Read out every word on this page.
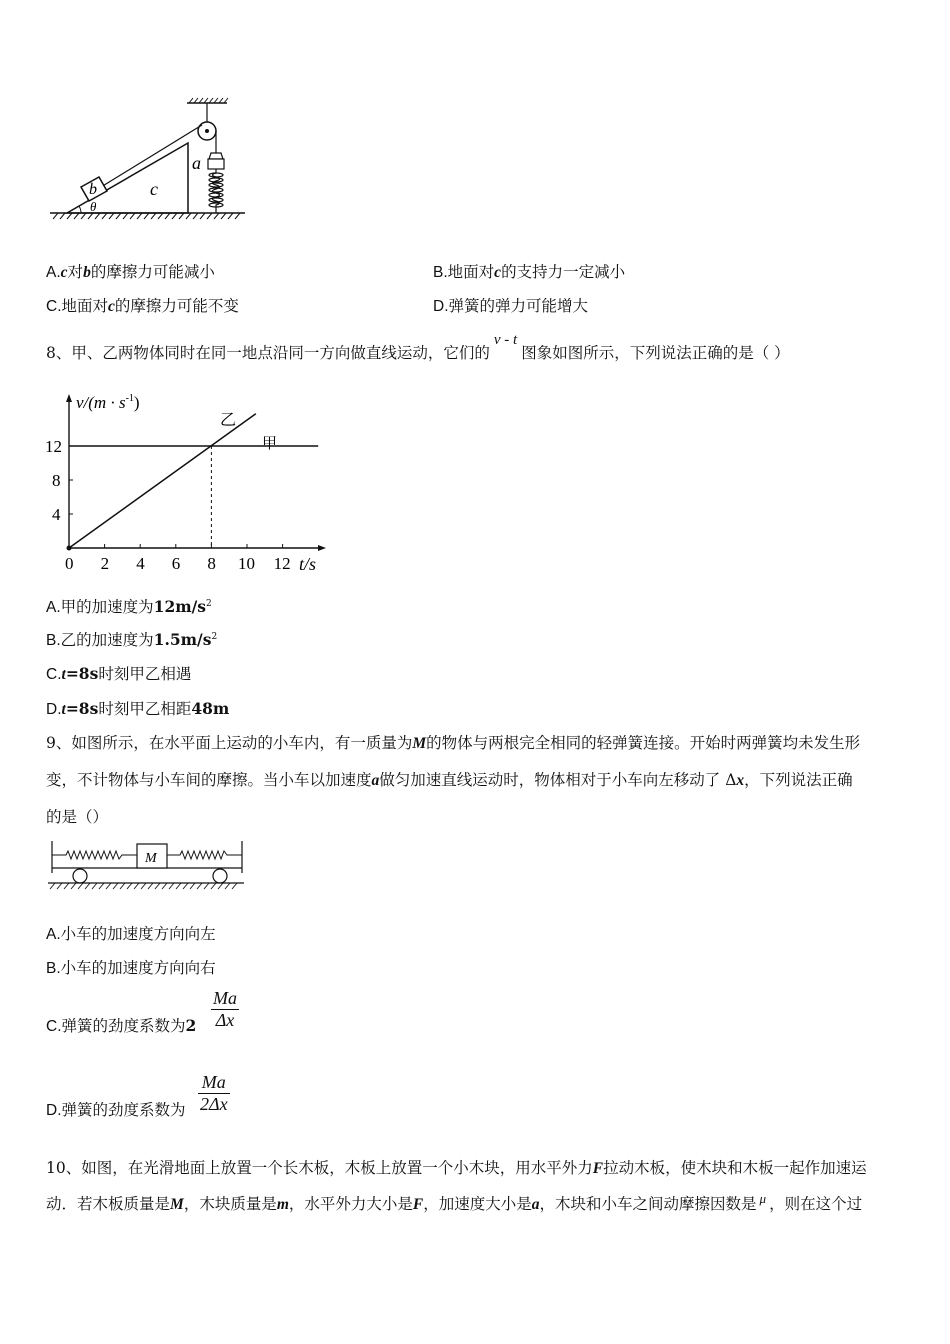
b	c
a
θ
A.c对b的摩擦力可能减小	B.地面对c的支持力一定减小
C.地面对c的摩擦力可能不变	D.弹簧的弹力可能增大
8、甲、乙两物体同时在同一地点沿同一方向做直线运动，它们的v - t图象如图所示，下列说法正确的是（ ）
$v/(m \cdot s^{-1})$
t/s
甲
乙
0 2 4 6 8 10 12
4
8
12
A.甲的加速度为$12m/s^2$
B.乙的加速度为$1.5m/s^2$
C.t=8s时刻甲乙相遇
D.t=8s时刻甲乙相距48m
9、如图所示，在水平面上运动的小车内，有一质量为M的物体与两根完全相同的轻弹簧连接。开始时两弹簧均未发生形
变，不计物体与小车间的摩擦。当小车以加速度a做匀加速直线运动时，物体相对于小车向左移动了 Δx，下列说法正确
的是（）
M
A.小车的加速度方向向左
B.小车的加速度方向向右
C.弹簧的劲度系数为$2 \frac{Ma}{\Delta x}$
D.弹簧的劲度系数为 $\frac{Ma}{2\Delta x}$
10、如图，在光滑地面上放置一个长木板，木板上放置一个小木块，用水平外力F拉动木板，使木块和木板一起作加速运
动．若木板质量是M，木块质量是m，水平外力大小是F，加速度大小是a，木块和小车之间动摩擦因数是 $^\mu$ ，则在这个过
